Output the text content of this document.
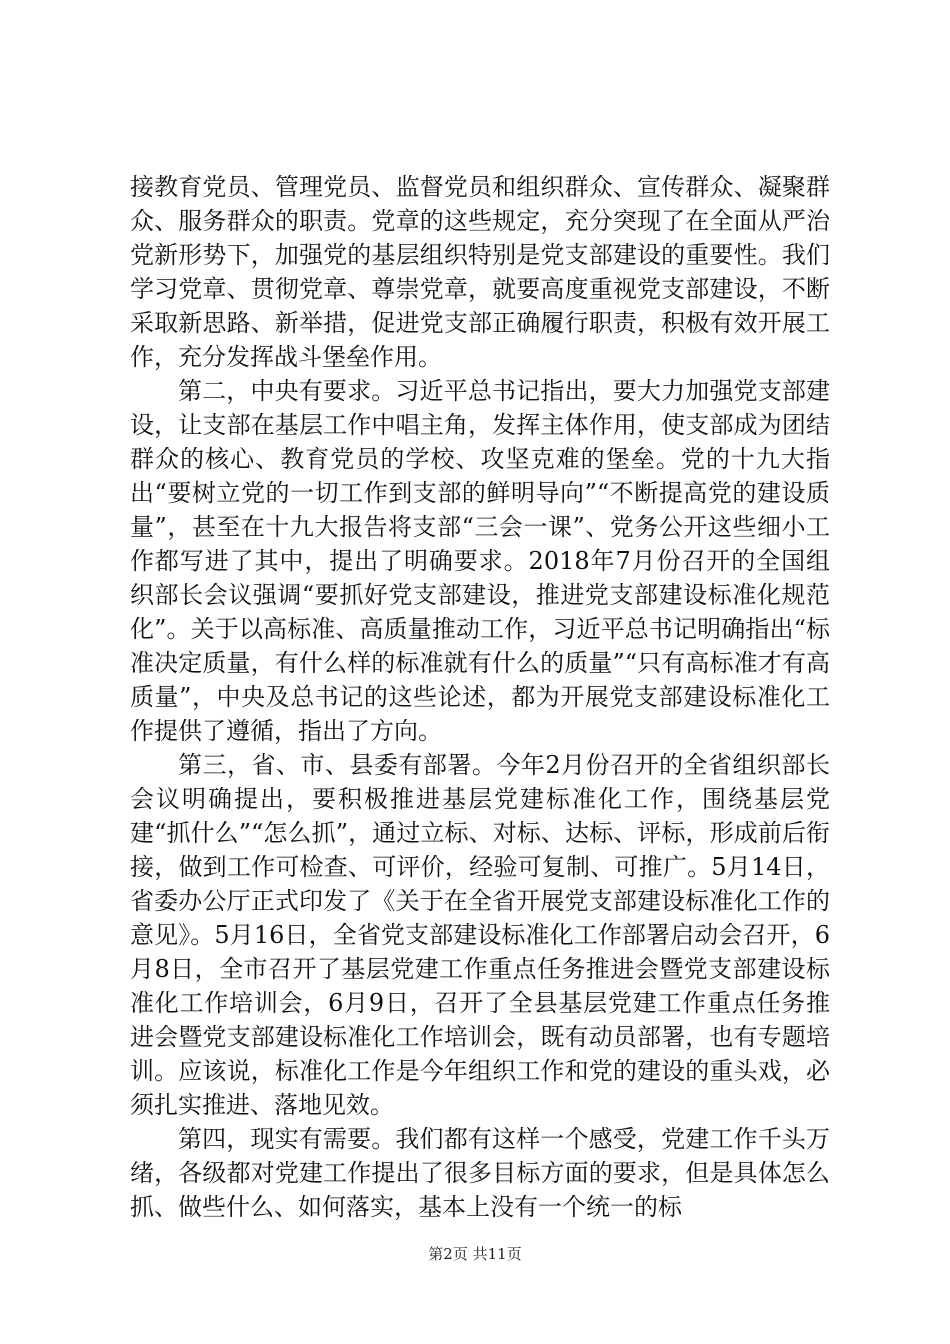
接教育党员、管理党员、监督党员和组织群众、宣传群众、凝聚群众、服务群众的职责。党章的这些规定，充分突现了在全面从严治党新形势下，加强党的基层组织特别是党支部建设的重要性。我们学习党章、贯彻党章、尊崇党章，就要高度重视党支部建设，不断采取新思路、新举措，促进党支部正确履行职责，积极有效开展工作，充分发挥战斗堡垒作用。

第二，中央有要求。习近平总书记指出，要大力加强党支部建设，让支部在基层工作中唱主角，发挥主体作用，使支部成为团结群众的核心、教育党员的学校、攻坚克难的堡垒。党的十九大指出“要树立党的一切工作到支部的鲜明导向”“不断提高党的建设质量”，甚至在十九大报告将支部“三会一课”、党务公开这些细小工作都写进了其中，提出了明确要求。2018年7月份召开的全国组织部长会议强调“要抓好党支部建设，推进党支部建设标准化规范化”。关于以高标准、高质量推动工作，习近平总书记明确指出“标准决定质量，有什么样的标准就有什么的质量”“只有高标准才有高质量”，中央及总书记的这些论述，都为开展党支部建设标准化工作提供了遵循，指出了方向。

第三，省、市、县委有部署。今年2月份召开的全省组织部长会议明确提出，要积极推进基层党建标准化工作，围绕基层党建“抓什么”“怎么抓”，通过立标、对标、达标、评标，形成前后衔接，做到工作可检查、可评价，经验可复制、可推广。5月14日，省委办公厅正式印发了《关于在全省开展党支部建设标准化工作的意见》。5月16日，全省党支部建设标准化工作部署启动会召开，6月8日，全市召开了基层党建工作重点任务推进会暨党支部建设标准化工作培训会，6月9日，召开了全县基层党建工作重点任务推进会暨党支部建设标准化工作培训会，既有动员部署，也有专题培训。应该说，标准化工作是今年组织工作和党的建设的重头戏，必须扎实推进、落地见效。

第四，现实有需要。我们都有这样一个感受，党建工作千头万绪，各级都对党建工作提出了很多目标方面的要求，但是具体怎么抓、做些什么、如何落实，基本上没有一个统一的标

第2页 共11页
